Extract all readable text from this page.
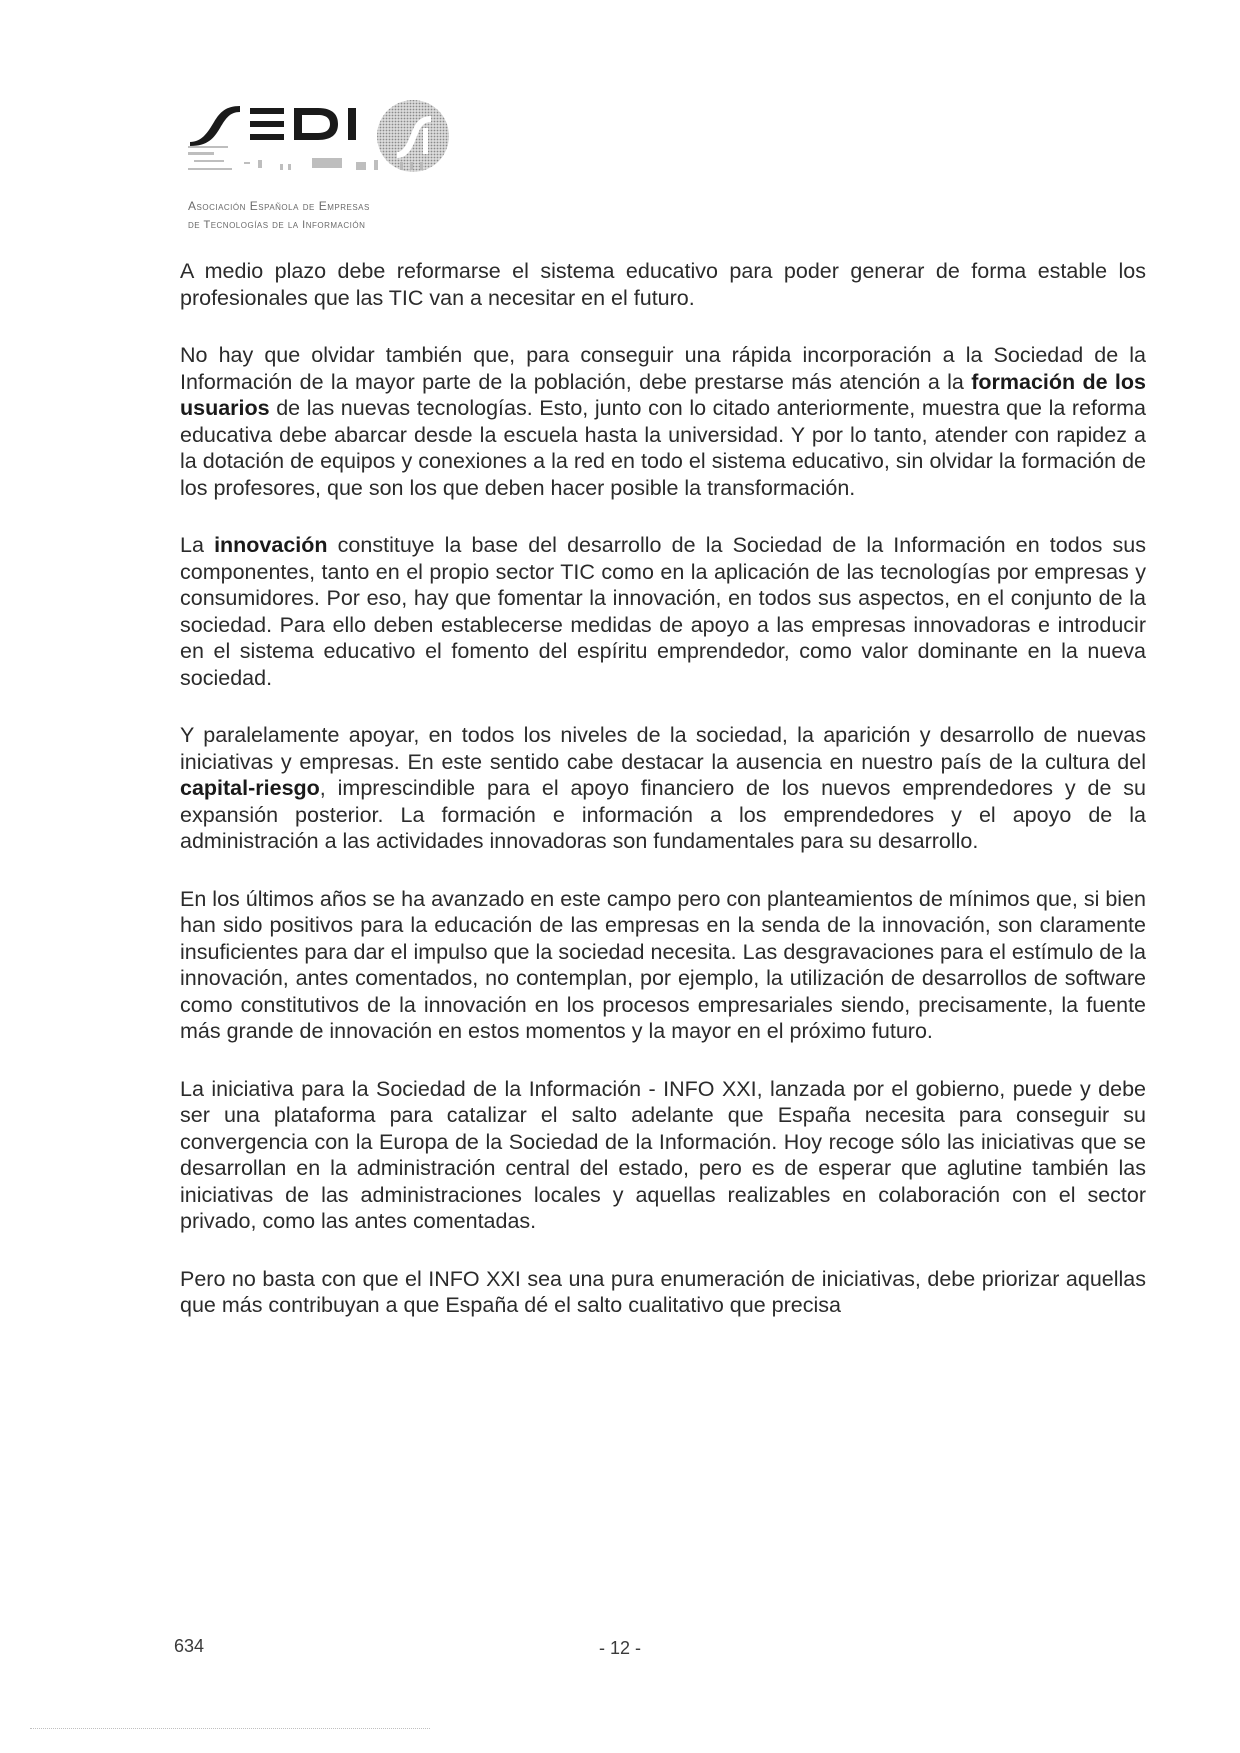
Asociación Española de Empresas
de Tecnologías de la Información

A medio plazo debe reformarse el sistema educativo para poder generar de forma estable los profesionales que las TIC van a necesitar en el futuro.

No hay que olvidar también que, para conseguir una rápida incorporación a la Sociedad de la Información de la mayor parte de la población, debe prestarse más atención a la formación de los usuarios de las nuevas tecnologías. Esto, junto con lo citado anteriormente, muestra que la reforma educativa debe abarcar desde la escuela hasta la universidad. Y por lo tanto, atender con rapidez a la dotación de equipos y conexiones a la red en todo el sistema educativo, sin olvidar la formación de los profesores, que son los que deben hacer posible la transformación.

La innovación constituye la base del desarrollo de la Sociedad de la Información en todos sus componentes, tanto en el propio sector TIC como en la aplicación de las tecnologías por empresas y consumidores. Por eso, hay que fomentar la innovación, en todos sus aspectos, en el conjunto de la sociedad. Para ello deben establecerse medidas de apoyo a las empresas innovadoras e introducir en el sistema educativo el fomento del espíritu emprendedor, como valor dominante en la nueva sociedad.

Y paralelamente apoyar, en todos los niveles de la sociedad, la aparición y desarrollo de nuevas iniciativas y empresas. En este sentido cabe destacar la ausencia en nuestro país de la cultura del capital-riesgo, imprescindible para el apoyo financiero de los nuevos emprendedores y de su expansión posterior. La formación e información a los emprendedores y el apoyo de la administración a las actividades innovadoras son fundamentales para su desarrollo.

En los últimos años se ha avanzado en este campo pero con planteamientos de mínimos que, si bien han sido positivos para la educación de las empresas en la senda de la innovación, son claramente insuficientes para dar el impulso que la sociedad necesita. Las desgravaciones para el estímulo de la innovación, antes comentados, no contemplan, por ejemplo, la utilización de desarrollos de software como constitutivos de la innovación en los procesos empresariales siendo, precisamente, la fuente más grande de innovación en estos momentos y la mayor en el próximo futuro.

La iniciativa para la Sociedad de la Información - INFO XXI, lanzada por el gobierno, puede y debe ser una plataforma para catalizar el salto adelante que España necesita para conseguir su convergencia con la Europa de la Sociedad de la Información. Hoy recoge sólo las iniciativas que se desarrollan en la administración central del estado, pero es de esperar que aglutine también las iniciativas de las administraciones locales y aquellas realizables en colaboración con el sector privado, como las antes comentadas.

Pero no basta con que el INFO XXI sea una pura enumeración de iniciativas, debe priorizar aquellas que más contribuyan a que España dé el salto cualitativo que precisa

634	- 12 -
